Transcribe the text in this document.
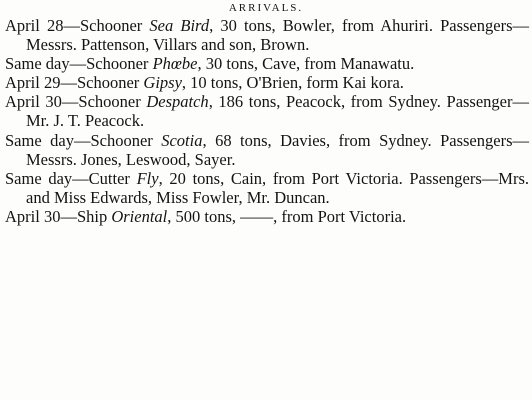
ARRIVALS.

April 28—Schooner Sea Bird, 30 tons, Bowler, from Ahuriri. Passengers—Messrs. Pattenson, Villars and son, Brown.

Same day—Schooner Phœbe, 30 tons, Cave, from Manawatu.

April 29—Schooner Gipsy, 10 tons, O'Brien, form Kai kora.

April 30—Schooner Despatch, 186 tons, Peacock, from Sydney. Passenger—Mr. J. T. Peacock.

Same day—Schooner Scotia, 68 tons, Davies, from Sydney. Passengers—Messrs. Jones, Leswood, Sayer.

Same day—Cutter Fly, 20 tons, Cain, from Port Victoria. Passengers—Mrs. and Miss Edwards, Miss Fowler, Mr. Duncan.

April 30—Ship Oriental, 500 tons, ——, from Port Victoria.
